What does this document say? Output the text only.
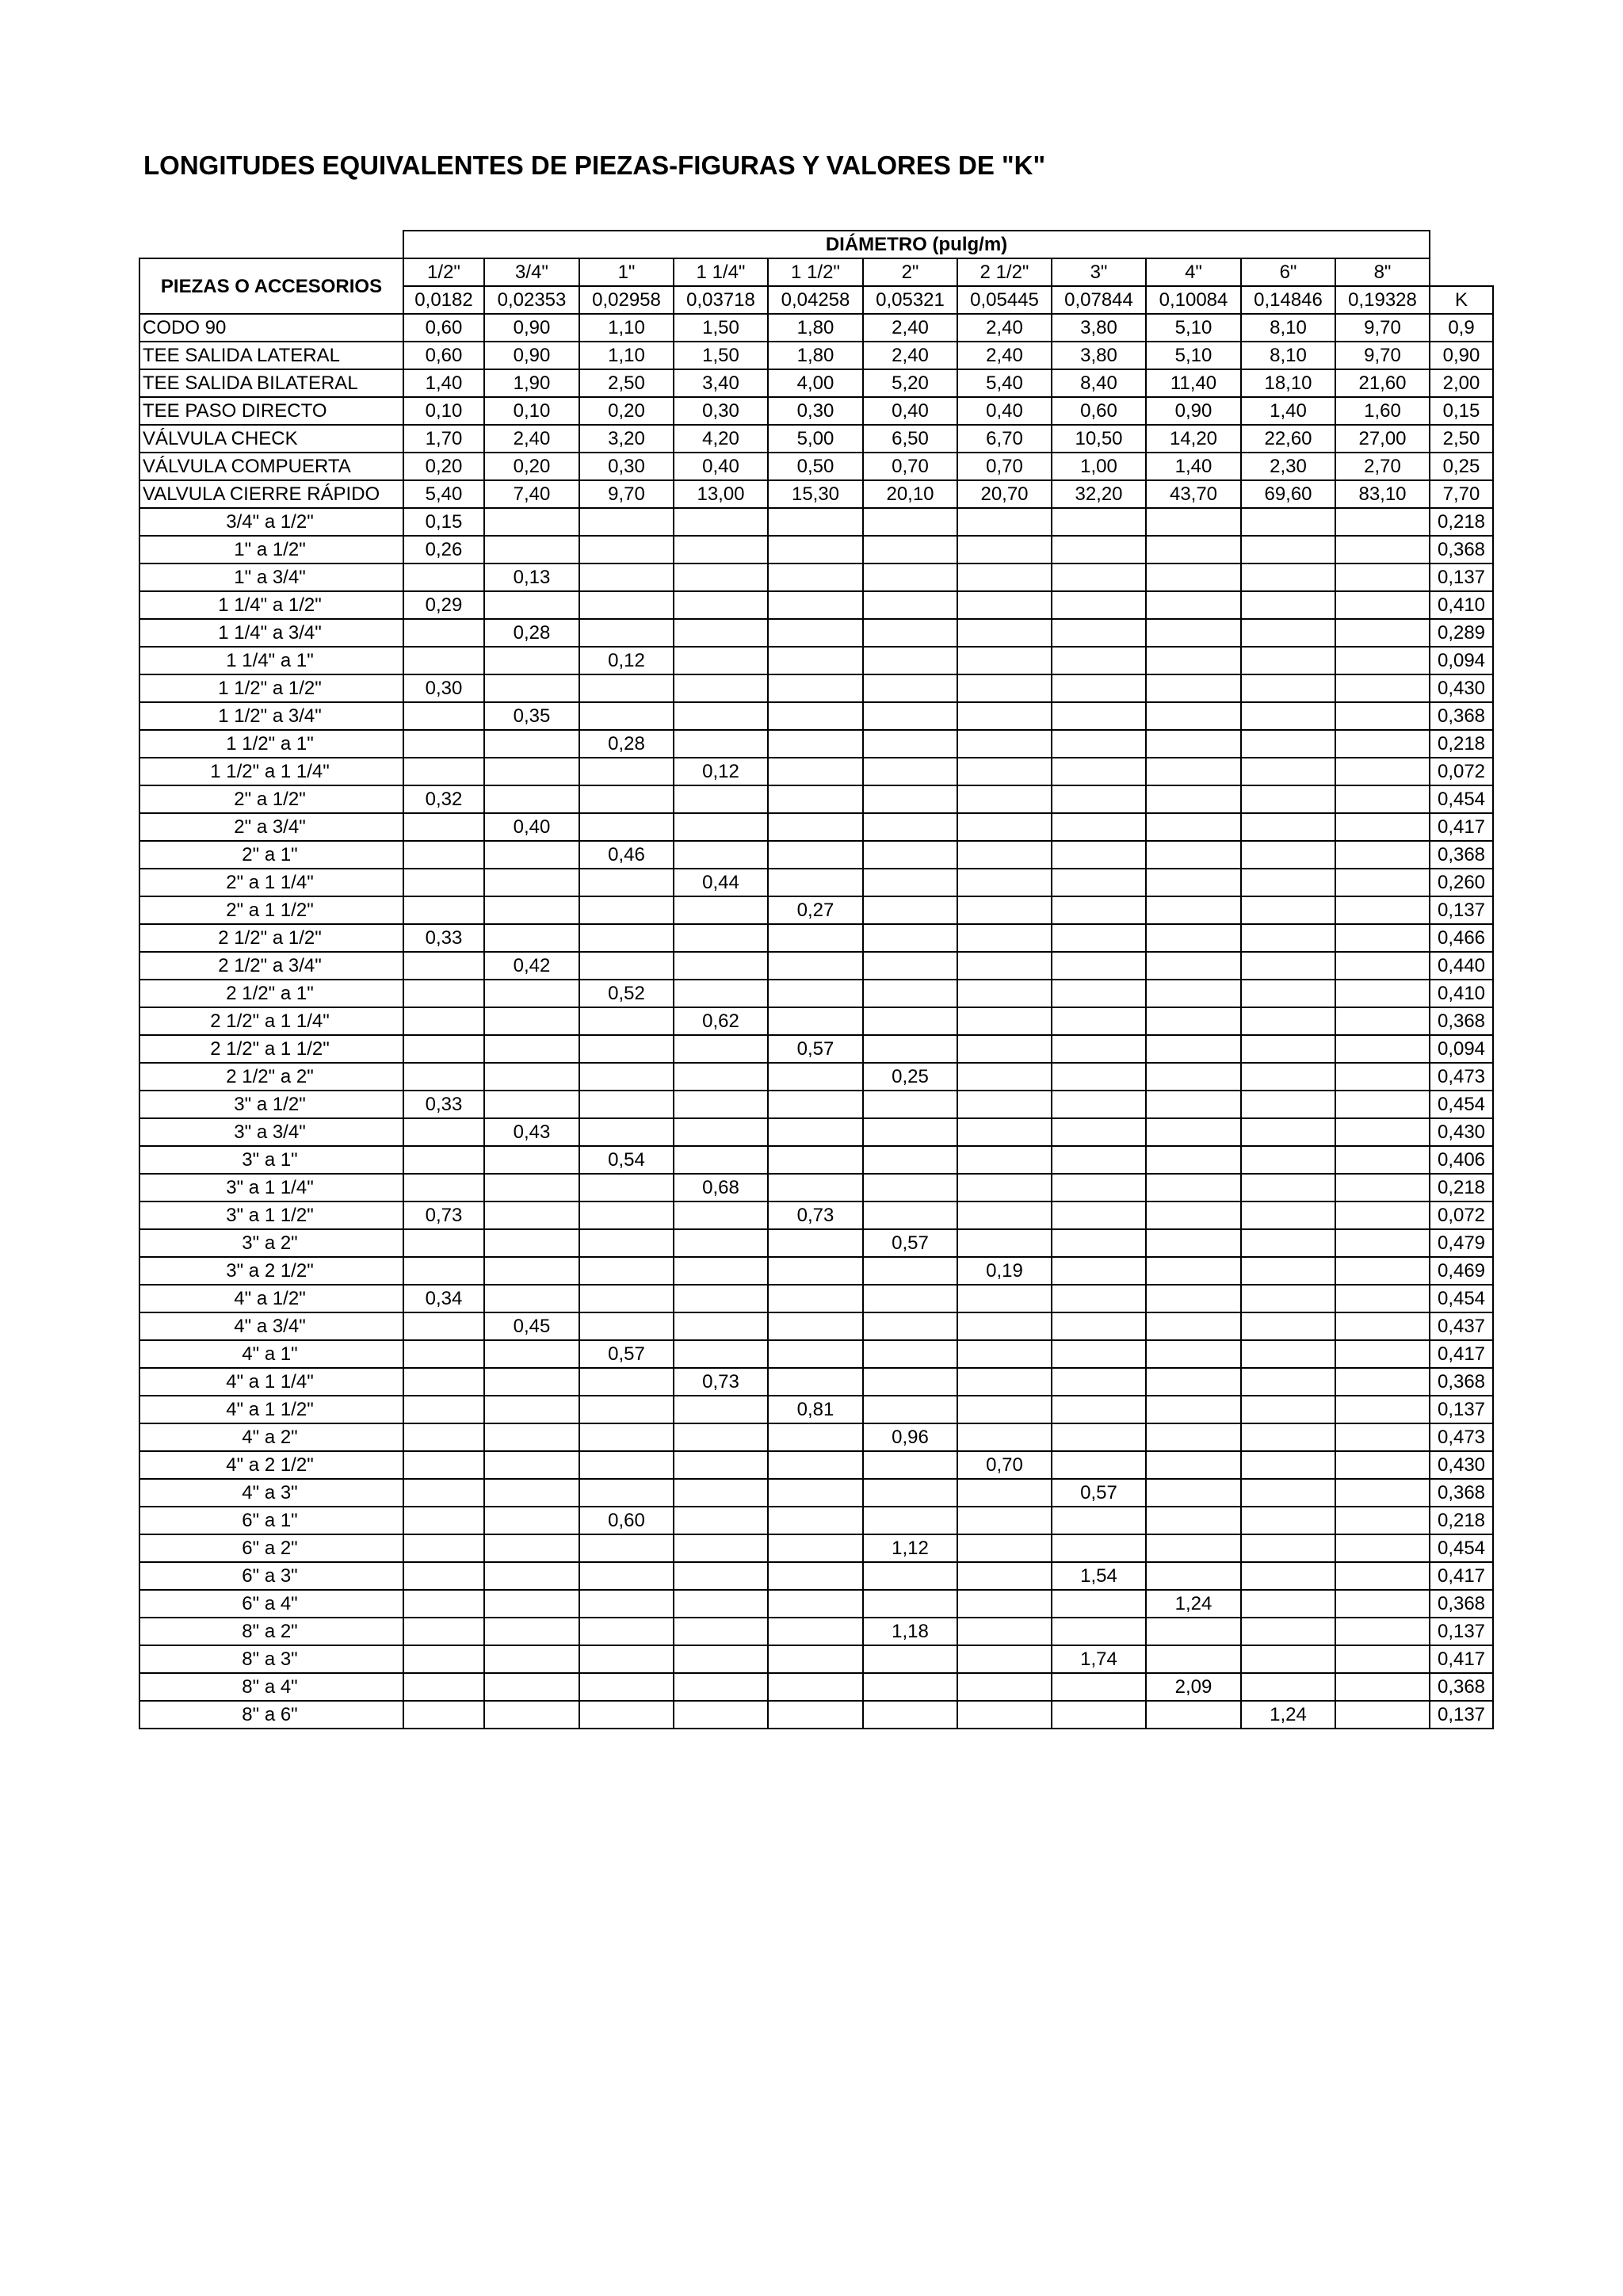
LONGITUDES EQUIVALENTES DE PIEZAS-FIGURAS Y VALORES DE "K"
	DIÁMETRO (pulg/m)											
PIEZAS O ACCESORIOS	1/2"	3/4"	1"	1 1/4"	1 1/2"	2"	2 1/2"	3"	4"	6"	8"	
	0,0182	0,02353	0,02958	0,03718	0,04258	0,05321	0,05445	0,07844	0,10084	0,14846	0,19328	K
CODO 90	0,60	0,90	1,10	1,50	1,80	2,40	2,40	3,80	5,10	8,10	9,70	0,9
TEE SALIDA LATERAL	0,60	0,90	1,10	1,50	1,80	2,40	2,40	3,80	5,10	8,10	9,70	0,90
TEE SALIDA BILATERAL	1,40	1,90	2,50	3,40	4,00	5,20	5,40	8,40	11,40	18,10	21,60	2,00
TEE PASO DIRECTO	0,10	0,10	0,20	0,30	0,30	0,40	0,40	0,60	0,90	1,40	1,60	0,15
VÁLVULA CHECK	1,70	2,40	3,20	4,20	5,00	6,50	6,70	10,50	14,20	22,60	27,00	2,50
VÁLVULA COMPUERTA	0,20	0,20	0,30	0,40	0,50	0,70	0,70	1,00	1,40	2,30	2,70	0,25
VALVULA CIERRE RÁPIDO	5,40	7,40	9,70	13,00	15,30	20,10	20,70	32,20	43,70	69,60	83,10	7,70
3/4" a 1/2"	0,15											0,218
1" a 1/2"	0,26											0,368
1" a 3/4"		0,13										0,137
1 1/4" a 1/2"	0,29											0,410
1 1/4" a 3/4"		0,28										0,289
1 1/4" a 1"			0,12									0,094
1 1/2" a 1/2"	0,30											0,430
1 1/2" a 3/4"		0,35										0,368
1 1/2" a 1"			0,28									0,218
1 1/2" a 1 1/4"				0,12								0,072
2" a 1/2"	0,32											0,454
2" a 3/4"		0,40										0,417
2" a 1"			0,46									0,368
2" a 1 1/4"				0,44								0,260
2" a 1 1/2"					0,27							0,137
2 1/2" a 1/2"	0,33											0,466
2 1/2" a 3/4"		0,42										0,440
2 1/2" a 1"			0,52									0,410
2 1/2" a 1 1/4"				0,62								0,368
2 1/2" a 1 1/2"					0,57							0,094
2 1/2" a 2"						0,25						0,473
3" a 1/2"	0,33											0,454
3" a 3/4"		0,43										0,430
3" a 1"			0,54									0,406
3" a 1 1/4"				0,68								0,218
3" a 1 1/2"	0,73				0,73							0,072
3" a 2"						0,57						0,479
3" a 2 1/2"							0,19					0,469
4" a 1/2"	0,34											0,454
4" a 3/4"		0,45										0,437
4" a 1"			0,57									0,417
4" a 1 1/4"				0,73								0,368
4" a 1 1/2"					0,81							0,137
4" a 2"						0,96						0,473
4" a 2 1/2"							0,70					0,430
4" a 3"								0,57				0,368
6" a 1"			0,60									0,218
6" a 2"						1,12						0,454
6" a 3"								1,54				0,417
6" a 4"									1,24			0,368
8" a 2"						1,18						0,137
8" a 3"								1,74				0,417
8" a 4"									2,09			0,368
8" a 6"										1,24		0,137
